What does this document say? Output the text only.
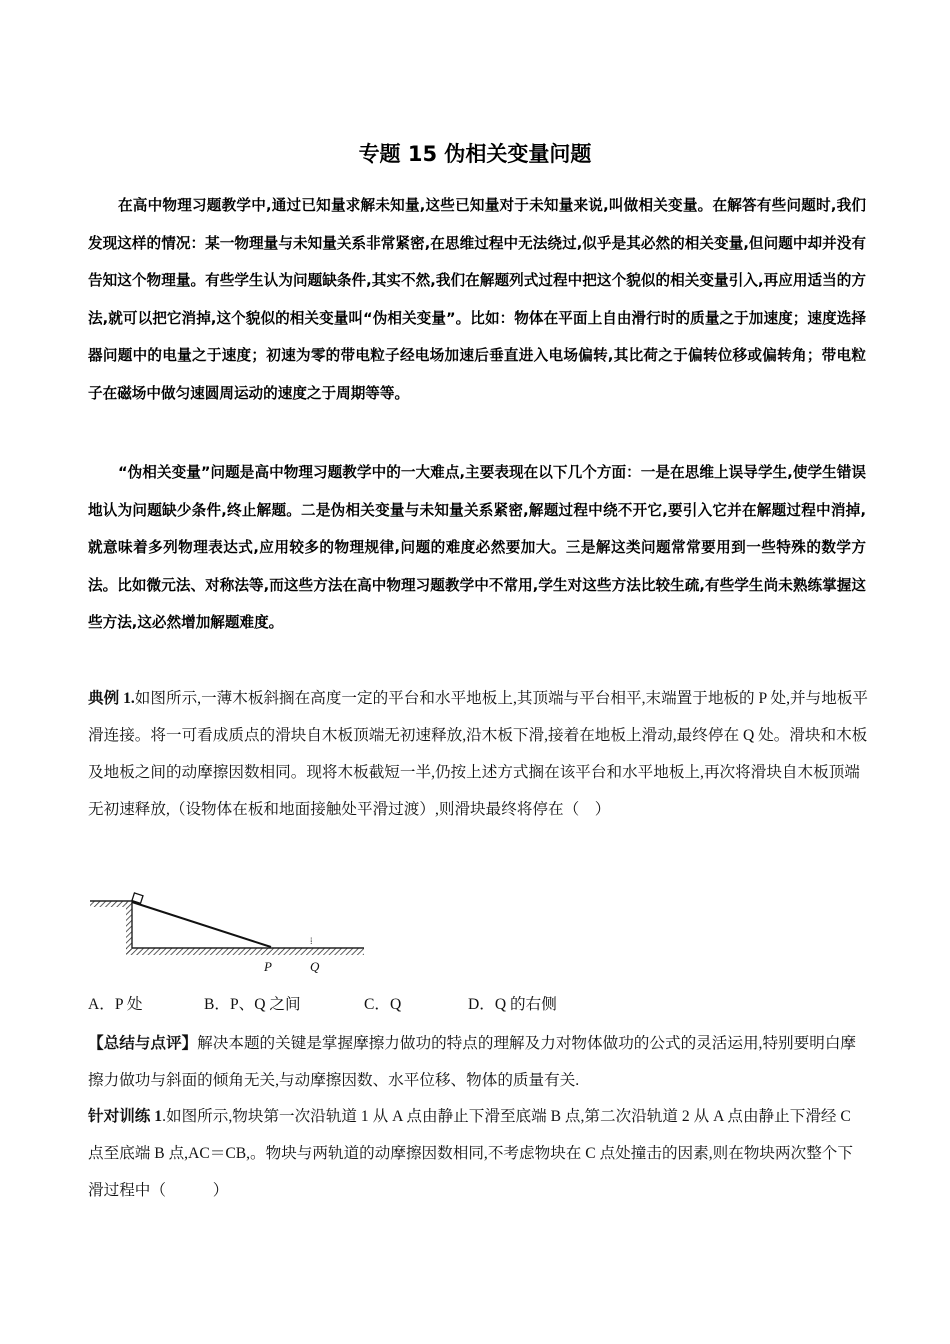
专题 15 伪相关变量问题

在高中物理习题教学中,通过已知量求解未知量,这些已知量对于未知量来说,叫做相关变量。在解答有些问题时,我们发现这样的情况：某一物理量与未知量关系非常紧密,在思维过程中无法绕过,似乎是其必然的相关变量,但问题中却并没有告知这个物理量。有些学生认为问题缺条件,其实不然,我们在解题列式过程中把这个貌似的相关变量引入,再应用适当的方法,就可以把它消掉,这个貌似的相关变量叫“伪相关变量”。比如：物体在平面上自由滑行时的质量之于加速度；速度选择器问题中的电量之于速度；初速为零的带电粒子经电场加速后垂直进入电场偏转,其比荷之于偏转位移或偏转角；带电粒子在磁场中做匀速圆周运动的速度之于周期等等。

“伪相关变量”问题是高中物理习题教学中的一大难点,主要表现在以下几个方面：一是在思维上误导学生,使学生错误地认为问题缺少条件,终止解题。二是伪相关变量与未知量关系紧密,解题过程中绕不开它,要引入它并在解题过程中消掉,就意味着多列物理表达式,应用较多的物理规律,问题的难度必然要加大。三是解这类问题常常要用到一些特殊的数学方法。比如微元法、对称法等,而这些方法在高中物理习题教学中不常用,学生对这些方法比较生疏,有些学生尚未熟练掌握这些方法,这必然增加解题难度。

典例 1.如图所示,一薄木板斜搁在高度一定的平台和水平地板上,其顶端与平台相平,末端置于地板的 P 处,并与地板平滑连接。将一可看成质点的滑块自木板顶端无初速释放,沿木板下滑,接着在地板上滑动,最终停在 Q 处。滑块和木板及地板之间的动摩擦因数相同。现将木板截短一半,仍按上述方式搁在该平台和水平地板上,再次将滑块自木板顶端无初速释放,（设物体在板和地面接触处平滑过渡）,则滑块最终将停在（　）

⁞
P	Q
A．P 处	B．P、Q 之间	C．Q	D．Q 的右侧

【总结与点评】解决本题的关键是掌握摩擦力做功的特点的理解及力对物体做功的公式的灵活运用,特别要明白摩擦力做功与斜面的倾角无关,与动摩擦因数、水平位移、物体的质量有关.

针对训练 1.如图所示,物块第一次沿轨道 1 从 A 点由静止下滑至底端 B 点,第二次沿轨道 2 从 A 点由静止下滑经 C 点至底端 B 点,AC＝CB,。物块与两轨道的动摩擦因数相同,不考虑物块在 C 点处撞击的因素,则在物块两次整个下滑过程中（　　　）
